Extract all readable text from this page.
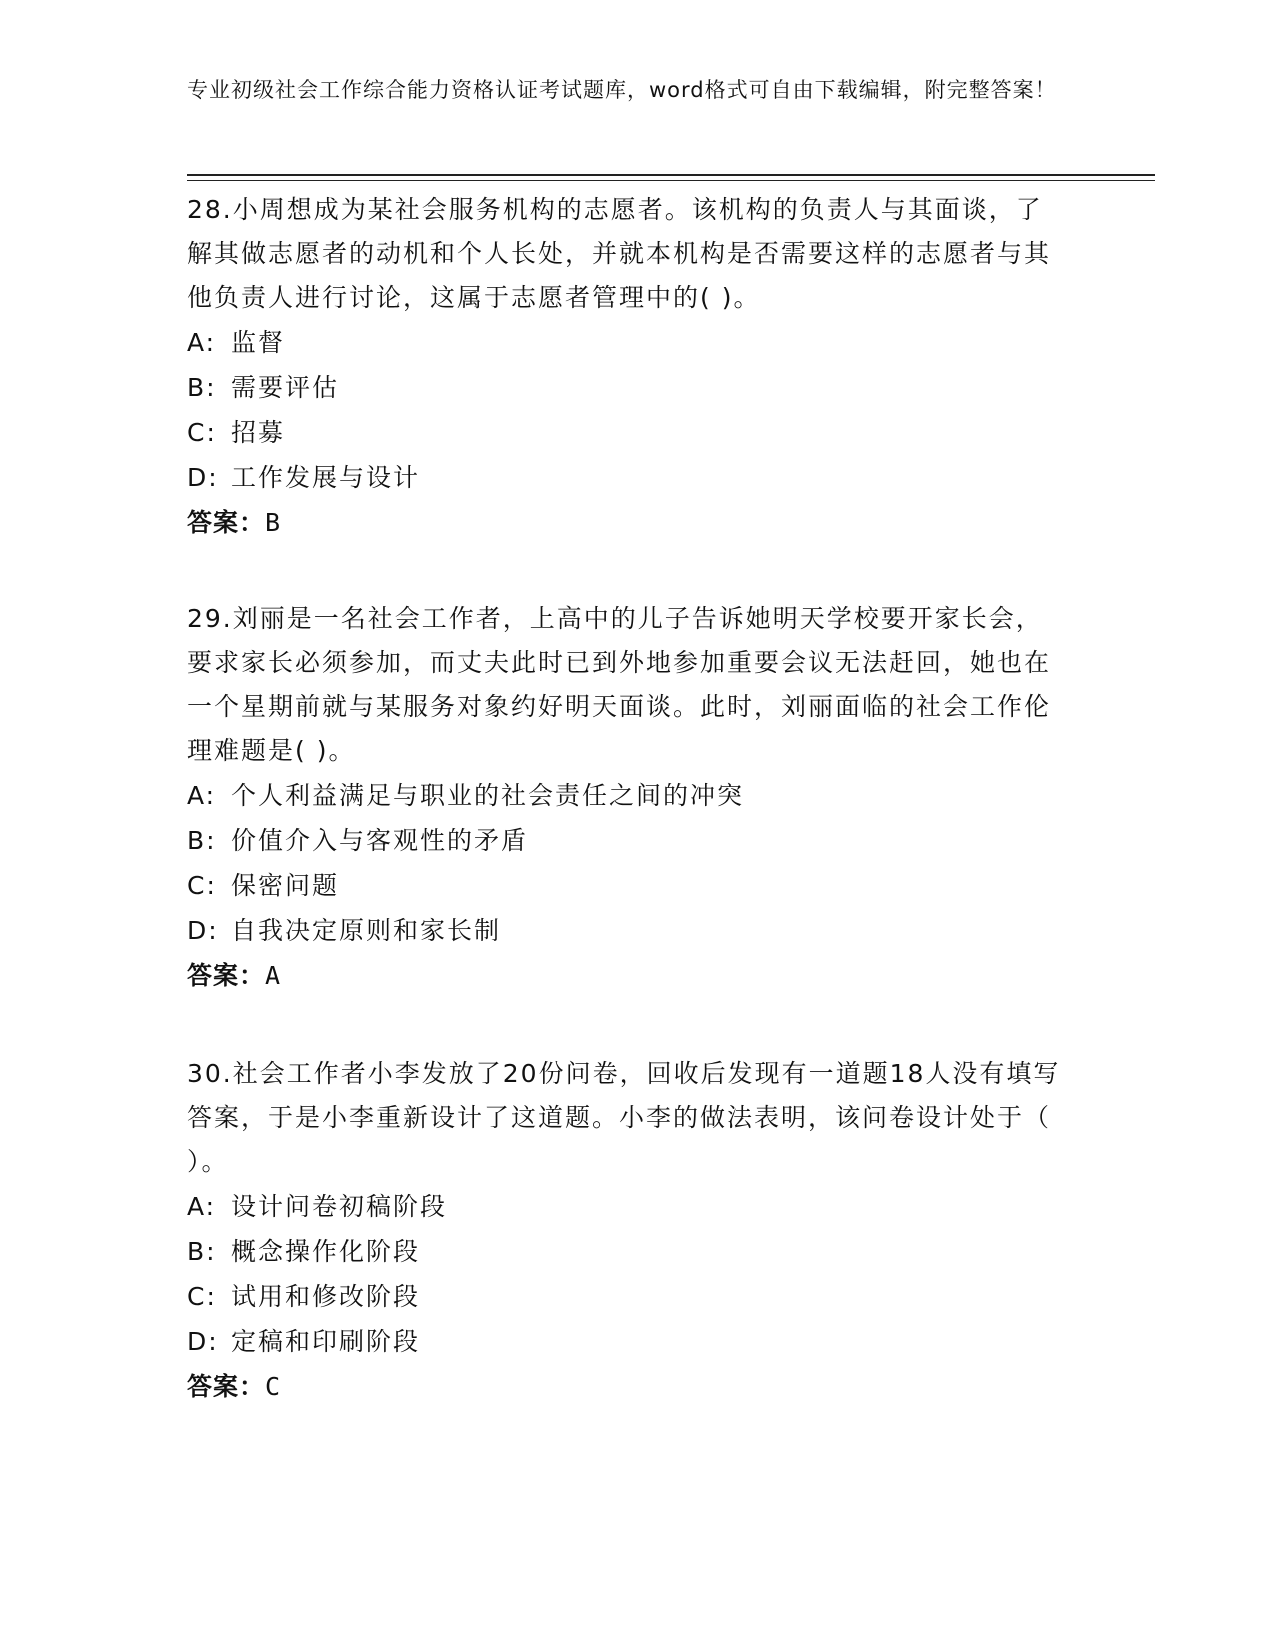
专业初级社会工作综合能力资格认证考试题库，word格式可自由下载编辑，附完整答案！

28.小周想成为某社会服务机构的志愿者。该机构的负责人与其面谈，了解其做志愿者的动机和个人长处，并就本机构是否需要这样的志愿者与其他负责人进行讨论，这属于志愿者管理中的( )。

A: 监督

B: 需要评估

C: 招募

D: 工作发展与设计

答案：B

29.刘丽是一名社会工作者，上高中的儿子告诉她明天学校要开家长会，要求家长必须参加，而丈夫此时已到外地参加重要会议无法赶回，她也在一个星期前就与某服务对象约好明天面谈。此时，刘丽面临的社会工作伦理难题是( )。

A: 个人利益满足与职业的社会责任之间的冲突

B: 价值介入与客观性的矛盾

C: 保密问题

D: 自我决定原则和家长制

答案：A

30.社会工作者小李发放了20份问卷，回收后发现有一道题18人没有填写答案，于是小李重新设计了这道题。小李的做法表明，该问卷设计处于（ ）。

A: 设计问卷初稿阶段

B: 概念操作化阶段

C: 试用和修改阶段

D: 定稿和印刷阶段

答案：C
